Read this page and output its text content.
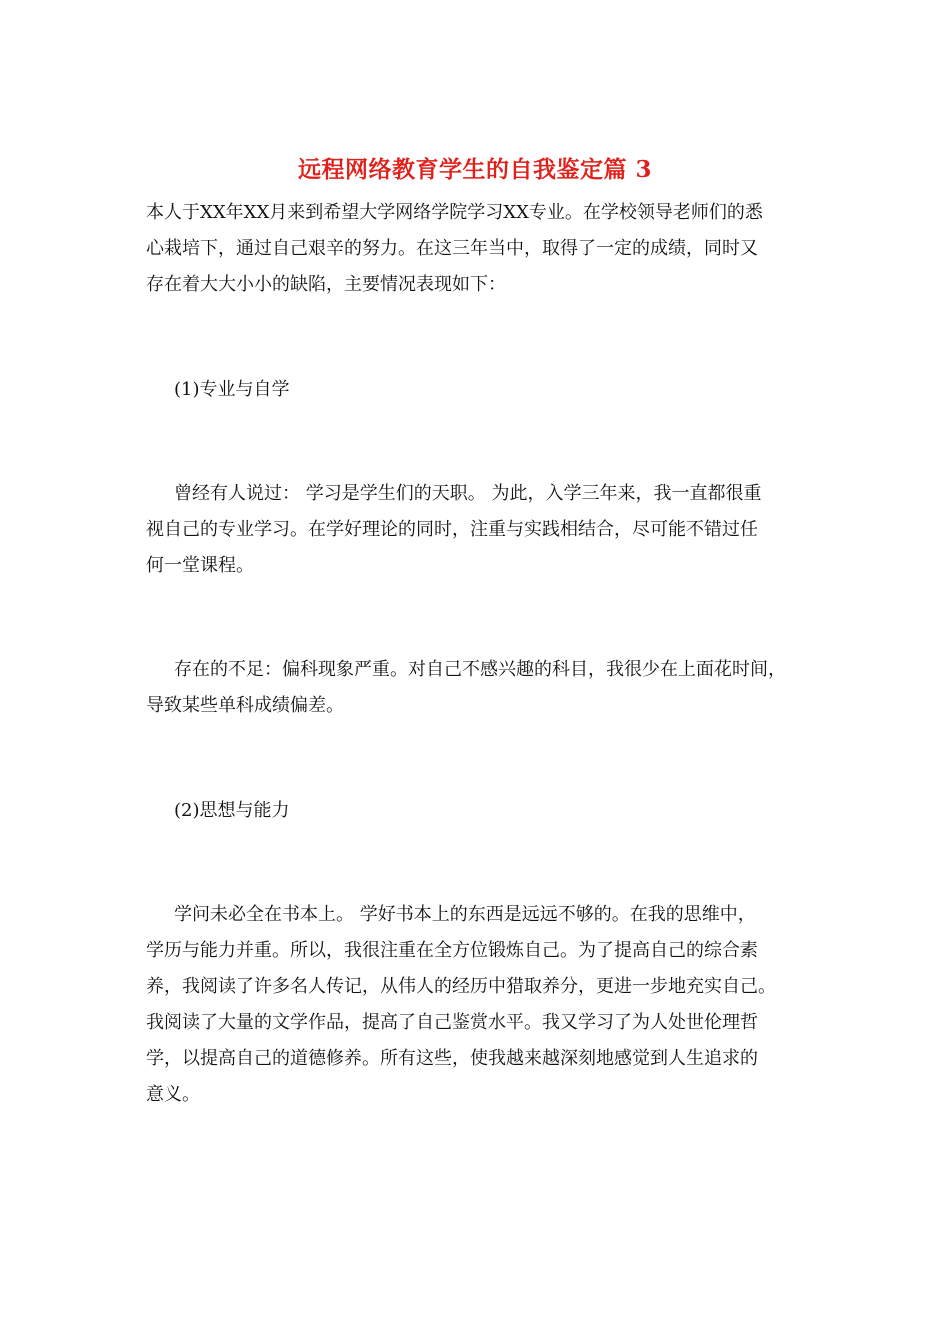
远程网络教育学生的自我鉴定篇 3
本人于XX年XX月来到希望大学网络学院学习XX专业。在学校领导老师们的悉
心栽培下，通过自己艰辛的努力。在这三年当中，取得了一定的成绩，同时又
存在着大大小小的缺陷，主要情况表现如下：
(1)专业与自学
曾经有人说过： 学习是学生们的天职。 为此，入学三年来，我一直都很重
视自己的专业学习。在学好理论的同时，注重与实践相结合，尽可能不错过任
何一堂课程。
存在的不足：偏科现象严重。对自己不感兴趣的科目，我很少在上面花时间，
导致某些单科成绩偏差。
(2)思想与能力
学问未必全在书本上。 学好书本上的东西是远远不够的。在我的思维中，
学历与能力并重。所以，我很注重在全方位锻炼自己。为了提高自己的综合素
养，我阅读了许多名人传记，从伟人的经历中猎取养分，更进一步地充实自己。
我阅读了大量的文学作品，提高了自己鉴赏水平。我又学习了为人处世伦理哲
学，以提高自己的道德修养。所有这些，使我越来越深刻地感觉到人生追求的
意义。
